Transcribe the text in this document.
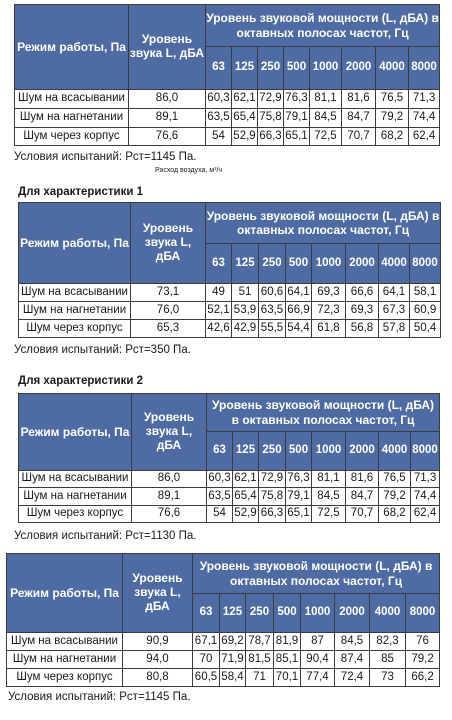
Режим работы, Па	Уровень звука L, дБА	Уровень звуковой мощности (L, дБА) в октавных полосах частот, Гц							
		63	125	250	500	1000	2000	4000	8000
Шум на всасывании	86,0	60,3	62,1	72,9	76,3	81,1	81,6	76,5	71,3
Шум на нагнетании	89,1	63,5	65,4	75,8	79,1	84,5	84,7	79,2	74,4
Шум через корпус	76,6	54	52,9	66,3	65,1	72,5	70,7	68,2	62,4
Условия испытаний: Рст=1145 Па.
Расход воздуха, м³/ч
Для характеристики 1
Режим работы, Па	Уровень звука L, дБА	Уровень звуковой мощности (L, дБА) в октавных полосах частот, Гц							
		63	125	250	500	1000	2000	4000	8000
Шум на всасывании	73,1	49	51	60,6	64,1	69,3	66,6	64,1	58,1
Шум на нагнетании	76,0	52,1	53,9	63,5	66,9	72,3	69,3	67,3	60,9
Шум через корпус	65,3	42,6	42,9	55,5	54,4	61,8	56,8	57,8	50,4
Условия испытаний: Рст=350 Па.
Для характеристики 2
Режим работы, Па	Уровень звука L, дБА	Уровень звуковой мощности (L, дБА) в октавных полосах частот, Гц							
		63	125	250	500	1000	2000	4000	8000
Шум на всасывании	86,0	60,3	62,1	72,9	76,3	81,1	81,6	76,5	71,3
Шум на нагнетании	89,1	63,5	65,4	75,8	79,1	84,5	84,7	79,2	74,4
Шум через корпус	76,6	54	52,9	66,3	65,1	72,5	70,7	68,2	62,4
Условия испытаний: Рст=1130 Па.
Режим работы, Па	Уровень звука L, дБА	Уровень звуковой мощности (L, дБА) в октавных полосах частот, Гц							
		63	125	250	500	1000	2000	4000	8000
Шум на всасывании	90,9	67,1	69,2	78,7	81,9	87	84,5	82,3	76
Шум на нагнетании	94,0	70	71,9	81,5	85,1	90,4	87,4	85	79,2
Шум через корпус	80,8	60,5	58,4	71	70,1	77,4	72,4	73	66,2
Условия испытаний: Рст=1145 Па.
